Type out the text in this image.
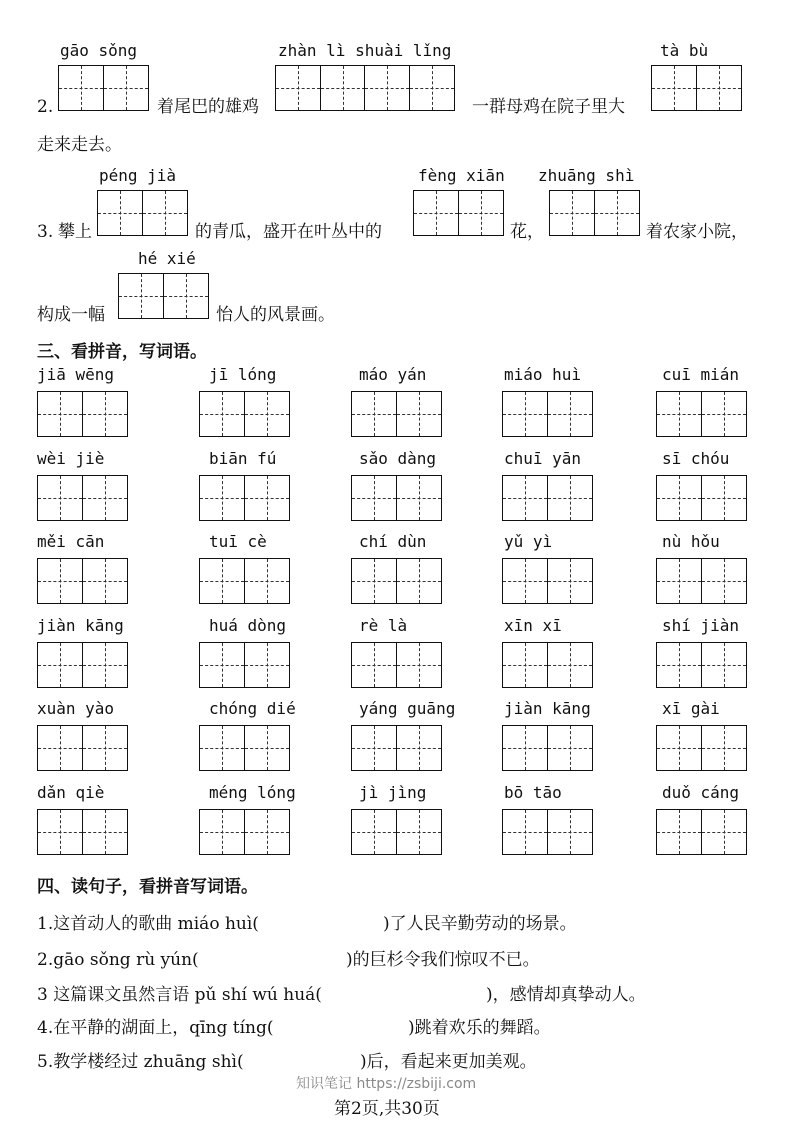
gāo sǒng	zhàn lì shuài lǐng	tà bù
2.	着尾巴的雄鸡	一群母鸡在院子里大
走来走去。
péng jià	fèng xiān zhuāng shì
3. 攀上	的青瓜，盛开在叶丛中的	花，	着农家小院，
hé xié
构成一幅	怡人的风景画。
三、看拼音，写词语。
jiā wēng	jī lóng	máo yán	miáo huì	cuī mián
wèi jiè	biān fú	sǎo dàng	chuī yān	sī chóu
měi cān	tuī cè	chí dùn	yǔ yì	nù hǒu
jiàn kāng	huá dòng	rè là	xīn xī	shí jiàn
xuàn yào	chóng dié	yáng guāng	jiàn kāng	xī gài
dǎn qiè	méng lóng	jì jìng	bō tāo	duǒ cáng
四、读句子，看拼音写词语。
1.这首动人的歌曲 miáo huì(	)了人民辛勤劳动的场景。
2.gāo sǒng rù yún(	)的巨杉令我们惊叹不已。
3 这篇课文虽然言语 pǔ shí wú huá(	)，感情却真挚动人。
4.在平静的湖面上，qīng tíng(	)跳着欢乐的舞蹈。
5.教学楼经过 zhuāng shì(	)后，看起来更加美观。
知识笔记 https://zsbiji.com
第2页,共30页
